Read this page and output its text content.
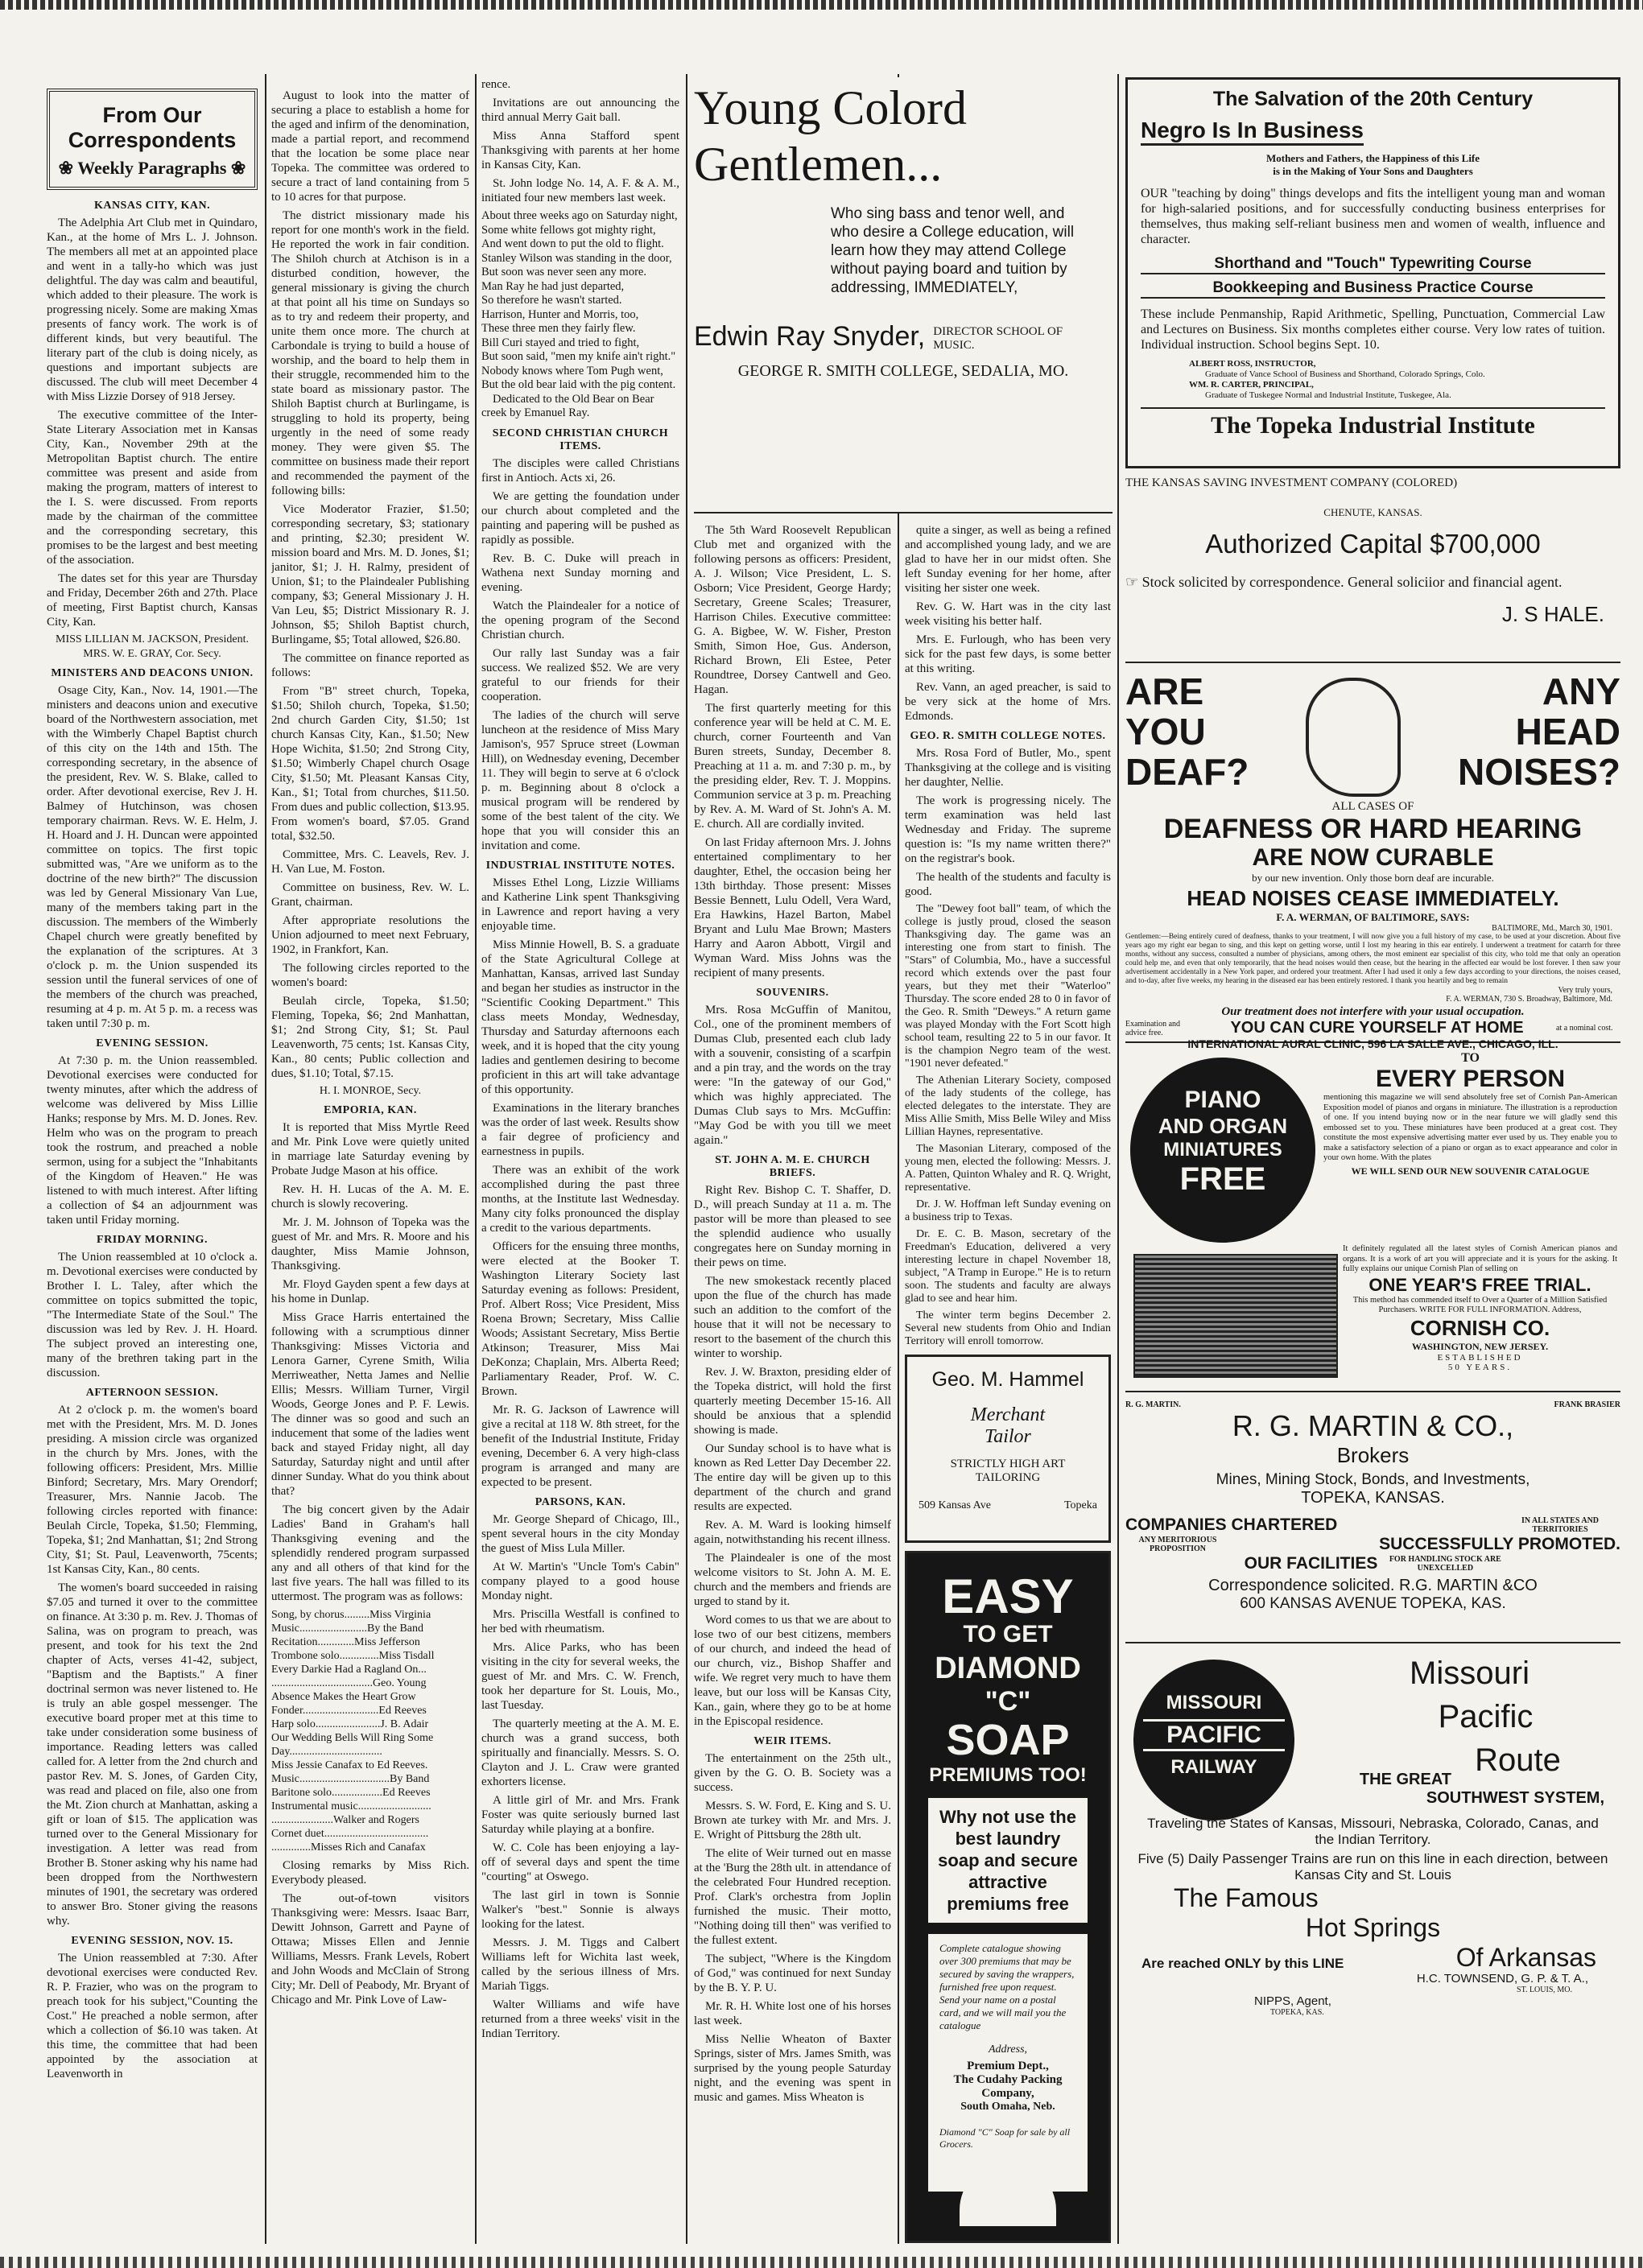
From Our Correspondents
❀ Weekly Paragraphs ❀
KANSAS CITY, KAN.

The Adelphia Art Club met in Quindaro, Kan., at the home of Mrs L. J. Johnson. The members all met at an appointed place and went in a tally-ho which was just delightful. The day was calm and beautiful, which added to their pleasure. The work is progressing nicely. Some are making Xmas presents of fancy work. The work is of different kinds, but very beautiful. The literary part of the club is doing nicely, as questions and important subjects are discussed. The club will meet December 4 with Miss Lizzie Dorsey of 918 Jersey.

The executive committee of the Inter-State Literary Association met in Kansas City, Kan., November 29th at the Metropolitan Baptist church. The entire committee was present and aside from making the program, matters of interest to the I. S. were discussed. From reports made by the chairman of the committee and the corresponding secretary, this promises to be the largest and best meeting of the association.

The dates set for this year are Thursday and Friday, December 26th and 27th. Place of meeting, First Baptist church, Kansas City, Kan.

MISS LILLIAN M. JACKSON, President.
MRS. W. E. GRAY, Cor. Secy.
MINISTERS AND DEACONS UNION.

Osage City, Kan., Nov. 14, 1901.—The ministers and deacons union and executive board of the Northwestern association, met with the Wimberly Chapel Baptist church of this city on the 14th and 15th. The corresponding secretary, in the absence of the president, Rev. W. S. Blake, called to order. After devotional exercise, Rev J. H. Balmey of Hutchinson, was chosen temporary chairman. Revs. W. E. Helm, J. H. Hoard and J. H. Duncan were appointed committee on topics. The first topic submitted was, "Are we uniform as to the doctrine of the new birth?" The discussion was led by General Missionary Van Lue, many of the members taking part in the discussion. The members of the Wimberly Chapel church were greatly benefited by the explanation of the scriptures. At 3 o'clock p. m. the Union suspended its session until the funeral services of one of the members of the church was preached, resuming at 4 p. m. At 5 p. m. a recess was taken until 7:30 p. m.

EVENING SESSION.

At 7:30 p. m. the Union reassembled. Devotional exercises were conducted for twenty minutes, after which the address of welcome was delivered by Miss Lillie Hanks; response by Mrs. M. D. Jones. Rev. Helm who was on the program to preach took the rostrum, and preached a noble sermon, using for a subject the "Inhabitants of the Kingdom of Heaven." He was listened to with much interest. After lifting a collection of $4 an adjournment was taken until Friday morning.

FRIDAY MORNING.

The Union reassembled at 10 o'clock a. m. Devotional exercises were conducted by Brother I. L. Taley, after which the committee on topics submitted the topic, "The Intermediate State of the Soul." The discussion was led by Rev. J. H. Hoard. The subject proved an interesting one, many of the brethren taking part in the discussion.

AFTERNOON SESSION.

At 2 o'clock p. m. the women's board met with the President, Mrs. M. D. Jones presiding. A mission circle was organized in the church by Mrs. Jones, with the following officers: President, Mrs. Millie Binford; Secretary, Mrs. Mary Orendorf; Treasurer, Mrs. Nannie Jacob. The following circles reported with finance: Beulah Circle, Topeka, $1.50; Flemming, Topeka, $1; 2nd Manhattan, $1; 2nd Strong City, $1; St. Paul, Leavenworth, 75cents; 1st Kansas City, Kan., 80 cents.

The women's board succeeded in raising $7.05 and turned it over to the committee on finance. At 3:30 p. m. Rev. J. Thomas of Salina, was on program to preach, was present, and took for his text the 2nd chapter of Acts, verses 41-42, subject, "Baptism and the Baptists." A finer doctrinal sermon was never listened to. He is truly an able gospel messenger. The executive board proper met at this time to take under consideration some business of importance. Reading letters was called called for. A letter from the 2nd church and pastor Rev. M. S. Jones, of Garden City, was read and placed on file, also one from the Mt. Zion church at Manhattan, asking a gift or loan of $15. The application was turned over to the General Missionary for investigation. A letter was read from Brother B. Stoner asking why his name had been dropped from the Northwestern minutes of 1901, the secretary was ordered to answer Bro. Stoner giving the reasons why.

EVENING SESSION, NOV. 15.

The Union reassembled at 7:30. After devotional exercises were conducted Rev. R. P. Frazier, who was on the program to preach took for his subject,"Counting the Cost." He preached a noble sermon, after which a collection of $6.10 was taken. At this time, the committee that had been appointed by the association at Leavenworth in

August to look into the matter of securing a place to establish a home for the aged and infirm of the denomination, made a partial report, and recommend that the location be some place near Topeka. The committee was ordered to secure a tract of land containing from 5 to 10 acres for that purpose.

The district missionary made his report for one month's work in the field. He reported the work in fair condition. The Shiloh church at Atchison is in a disturbed condition, however, the general missionary is giving the church at that point all his time on Sundays so as to try and redeem their property, and unite them once more. The church at Carbondale is trying to build a house of worship, and the board to help them in their struggle, recommended him to the state board as missionary pastor. The Shiloh Baptist church at Burlingame, is struggling to hold its property, being urgently in the need of some ready money. They were given $5. The committee on business made their report and recommended the payment of the following bills:

Vice Moderator Frazier, $1.50; corresponding secretary, $3; stationary and printing, $2.30; president W. mission board and Mrs. M. D. Jones, $1; janitor, $1; J. H. Ralmy, president of Union, $1; to the Plaindealer Publishing company, $3; General Missionary J. H. Van Leu, $5; District Missionary R. J. Johnson, $5; Shiloh Baptist church, Burlingame, $5; Total allowed, $26.80.

The committee on finance reported as follows:

From "B" street church, Topeka, $1.50; Shiloh church, Topeka, $1.50; 2nd church Garden City, $1.50; 1st church Kansas City, Kan., $1.50; New Hope Wichita, $1.50; 2nd Strong City, $1.50; Wimberly Chapel church Osage City, $1.50; Mt. Pleasant Kansas City, Kan., $1; Total from churches, $11.50. From dues and public collection, $13.95. From women's board, $7.05. Grand total, $32.50.

Committee, Mrs. C. Leavels, Rev. J. H. Van Lue, M. Foston.

Committee on business, Rev. W. L. Grant, chairman.

After appropriate resolutions the Union adjourned to meet next February, 1902, in Frankfort, Kan.

The following circles reported to the women's board:

Beulah circle, Topeka, $1.50; Fleming, Topeka, $6; 2nd Manhattan, $1; 2nd Strong City, $1; St. Paul Leavenworth, 75 cents; 1st. Kansas City, Kan., 80 cents; Public collection and dues, $1.10; Total, $7.15.

H. I. MONROE, Secy.
EMPORIA, KAN.

It is reported that Miss Myrtle Reed and Mr. Pink Love were quietly united in marriage late Saturday evening by Probate Judge Mason at his office.

Rev. H. H. Lucas of the A. M. E. church is slowly recovering.

Mr. J. M. Johnson of Topeka was the guest of Mr. and Mrs. R. Moore and his daughter, Miss Mamie Johnson, Thanksgiving.

Mr. Floyd Gayden spent a few days at his home in Dunlap.

Miss Grace Harris entertained the following with a scrumptious dinner Thanksgiving: Misses Victoria and Lenora Garner, Cyrene Smith, Wilia Merriweather, Netta James and Nellie Ellis; Messrs. William Turner, Virgil Woods, George Jones and P. F. Lewis. The dinner was so good and such an inducement that some of the ladies went back and stayed Friday night, all day Saturday, Saturday night and until after dinner Sunday. What do you think about that?

The big concert given by the Adair Ladies' Band in Graham's hall Thanksgiving evening and the splendidly rendered program surpassed any and all others of that kind for the last five years. The hall was filled to its uttermost. The program was as follows:

Song, by chorus.........Miss Virginia
Music........................By the Band
Recitation.............Miss Jefferson
Trombone solo..............Miss Tisdall
Every Darkie Had a Ragland On...
....................................Geo. Young
Absence Makes the Heart Grow
Fonder...........................Ed Reeves
Harp solo.......................J. B. Adair
Our Wedding Bells Will Ring Some
Day.................................
Miss Jessie Canafax to Ed Reeves.
Music................................By Band
Baritone solo..................Ed Reeves
Instrumental music..........................
......................Walker and Rogers
Cornet duet.....................................
..............Misses Rich and Canafax

Closing remarks by Miss Rich. Everybody pleased.

The out-of-town visitors Thanksgiving were: Messrs. Isaac Barr, Dewitt Johnson, Garrett and Payne of Ottawa; Misses Ellen and Jennie Williams, Messrs. Frank Levels, Robert and John Woods and McClain of Strong City; Mr. Dell of Peabody, Mr. Bryant of Chicago and Mr. Pink Love of Law-

rence.

Invitations are out announcing the third annual Merry Gait ball.

Miss Anna Stafford spent Thanksgiving with parents at her home in Kansas City, Kan.

St. John lodge No. 14, A. F. & A. M., initiated four new members last week.

About three weeks ago on Saturday night,
Some white fellows got mighty right,
And went down to put the old to flight.
Stanley Wilson was standing in the door,
But soon was never seen any more.
Man Ray he had just departed,
So therefore he wasn't started.
Harrison, Hunter and Morris, too,
These three men they fairly flew.
Bill Curi stayed and tried to fight,
But soon said, "men my knife ain't right."
Nobody knows where Tom Pugh went,
But the old bear laid with the pig content.
Dedicated to the Old Bear on Bear creek by Emanuel Ray.
SECOND CHRISTIAN CHURCH ITEMS.

The disciples were called Christians first in Antioch. Acts xi, 26.

We are getting the foundation under our church about completed and the painting and papering will be pushed as rapidly as possible.

Rev. B. C. Duke will preach in Wathena next Sunday morning and evening.

Watch the Plaindealer for a notice of the opening program of the Second Christian church.

Our rally last Sunday was a fair success. We realized $52. We are very grateful to our friends for their cooperation.

The ladies of the church will serve luncheon at the residence of Miss Mary Jamison's, 957 Spruce street (Lowman Hill), on Wednesday evening, December 11. They will begin to serve at 6 o'clock p. m. Beginning about 8 o'clock a musical program will be rendered by some of the best talent of the city. We hope that you will consider this an invitation and come.

INDUSTRIAL INSTITUTE NOTES.

Misses Ethel Long, Lizzie Williams and Katherine Link spent Thanksgiving in Lawrence and report having a very enjoyable time.

Miss Minnie Howell, B. S. a graduate of the State Agricultural College at Manhattan, Kansas, arrived last Sunday and began her studies as instructor in the "Scientific Cooking Department." This class meets Monday, Wednesday, Thursday and Saturday afternoons each week, and it is hoped that the city young ladies and gentlemen desiring to become proficient in this art will take advantage of this opportunity.

Examinations in the literary branches was the order of last week. Results show a fair degree of proficiency and earnestness in pupils.

There was an exhibit of the work accomplished during the past three months, at the Institute last Wednesday. Many city folks pronounced the display a credit to the various departments.

Officers for the ensuing three months, were elected at the Booker T. Washington Literary Society last Saturday evening as follows: President, Prof. Albert Ross; Vice President, Miss Roena Brown; Secretary, Miss Callie Woods; Assistant Secretary, Miss Bertie Atkinson; Treasurer, Miss Mai DeKonza; Chaplain, Mrs. Alberta Reed; Parliamentary Reader, Prof. W. C. Brown.

Mr. R. G. Jackson of Lawrence will give a recital at 118 W. 8th street, for the benefit of the Industrial Institute, Friday evening, December 6. A very high-class program is arranged and many are expected to be present.

PARSONS, KAN.

Mr. George Shepard of Chicago, Ill., spent several hours in the city Monday the guest of Miss Lula Miller.

At W. Martin's "Uncle Tom's Cabin" company played to a good house Monday night.

Mrs. Priscilla Westfall is confined to her bed with rheumatism.

Mrs. Alice Parks, who has been visiting in the city for several weeks, the guest of Mr. and Mrs. C. W. French, took her departure for St. Louis, Mo., last Tuesday.

The quarterly meeting at the A. M. E. church was a grand success, both spiritually and financially. Messrs. S. O. Clayton and J. L. Craw were granted exhorters license.

A little girl of Mr. and Mrs. Frank Foster was quite seriously burned last Saturday while playing at a bonfire.

W. C. Cole has been enjoying a lay-off of several days and spent the time "courting" at Oswego.

The last girl in town is Sonnie Walker's "best." Sonnie is always looking for the latest.

Messrs. J. M. Tiggs and Calbert Williams left for Wichita last week, called by the serious illness of Mrs. Mariah Tiggs.

Walter Williams and wife have returned from a three weeks' visit in the Indian Territory.

Young Colord
Gentlemen...
Who sing bass and tenor well, and who desire a College education, will learn how they may attend College without paying board and tuition by addressing, IMMEDIATELY,
Edwin Ray Snyder, DIRECTOR SCHOOL OF MUSIC.
GEORGE R. SMITH COLLEGE, SEDALIA, MO.

The 5th Ward Roosevelt Republican Club met and organized with the following persons as officers: President, A. J. Wilson; Vice President, L. S. Osborn; Vice President, George Hardy; Secretary, Greene Scales; Treasurer, Harrison Chiles. Executive committee: G. A. Bigbee, W. W. Fisher, Preston Smith, Simon Hoe, Gus. Anderson, Richard Brown, Eli Estee, Peter Roundtree, Dorsey Cantwell and Geo. Hagan.

The first quarterly meeting for this conference year will be held at C. M. E. church, corner Fourteenth and Van Buren streets, Sunday, December 8. Preaching at 11 a. m. and 7:30 p. m., by the presiding elder, Rev. T. J. Moppins. Communion service at 3 p. m. Preaching by Rev. A. M. Ward of St. John's A. M. E. church. All are cordially invited.

On last Friday afternoon Mrs. J. Johns entertained complimentary to her daughter, Ethel, the occasion being her 13th birthday. Those present: Misses Bessie Bennett, Lulu Odell, Vera Ward, Era Hawkins, Hazel Barton, Mabel Bryant and Lulu Mae Brown; Masters Harry and Aaron Abbott, Virgil and Wyman Ward. Miss Johns was the recipient of many presents.

SOUVENIRS.

Mrs. Rosa McGuffin of Manitou, Col., one of the prominent members of Dumas Club, presented each club lady with a souvenir, consisting of a scarfpin and a pin tray, and the words on the tray were: "In the gateway of our God," which was highly appreciated. The Dumas Club says to Mrs. McGuffin: "May God be with you till we meet again."

ST. JOHN A. M. E. CHURCH BRIEFS.

Right Rev. Bishop C. T. Shaffer, D. D., will preach Sunday at 11 a. m. The pastor will be more than pleased to see the splendid audience who usually congregates here on Sunday morning in their pews on time.

The new smokestack recently placed upon the flue of the church has made such an addition to the comfort of the house that it will not be necessary to resort to the basement of the church this winter to worship.

Rev. J. W. Braxton, presiding elder of the Topeka district, will hold the first quarterly meeting December 15-16. All should be anxious that a splendid showing is made.

Our Sunday school is to have what is known as Red Letter Day December 22. The entire day will be given up to this department of the church and grand results are expected.

Rev. A. M. Ward is looking himself again, notwithstanding his recent illness.

The Plaindealer is one of the most welcome visitors to St. John A. M. E. church and the members and friends are urged to stand by it.

Word comes to us that we are about to lose two of our best citizens, members of our church, and indeed the head of our church, viz., Bishop Shaffer and wife. We regret very much to have them leave, but our loss will be Kansas City, Kan., gain, where they go to be at home in the Episcopal residence.

WEIR ITEMS.

The entertainment on the 25th ult., given by the G. O. B. Society was a success.

Messrs. S. W. Ford, E. King and S. U. Brown ate turkey with Mr. and Mrs. J. E. Wright of Pittsburg the 28th ult.

The elite of Weir turned out en masse at the 'Burg the 28th ult. in attendance of the celebrated Four Hundred reception. Prof. Clark's orchestra from Joplin furnished the music. Their motto, "Nothing doing till then" was verified to the fullest extent.

The subject, "Where is the Kingdom of God," was continued for next Sunday by the B. Y. P. U.

Mr. R. H. White lost one of his horses last week.

Miss Nellie Wheaton of Baxter Springs, sister of Mrs. James Smith, was surprised by the young people Saturday night, and the evening was spent in music and games. Miss Wheaton is

quite a singer, as well as being a refined and accomplished young lady, and we are glad to have her in our midst often. She left Sunday evening for her home, after visiting her sister one week.

Rev. G. W. Hart was in the city last week visiting his better half.

Mrs. E. Furlough, who has been very sick for the past few days, is some better at this writing.

Rev. Vann, an aged preacher, is said to be very sick at the home of Mrs. Edmonds.

GEO. R. SMITH COLLEGE NOTES.

Mrs. Rosa Ford of Butler, Mo., spent Thanksgiving at the college and is visiting her daughter, Nellie.

The work is progressing nicely. The term examination was held last Wednesday and Friday. The supreme question is: "Is my name written there?" on the registrar's book.

The health of the students and faculty is good.

The "Dewey foot ball" team, of which the college is justly proud, closed the season Thanksgiving day. The game was an interesting one from start to finish. The "Stars" of Columbia, Mo., have a successful record which extends over the past four years, but they met their "Waterloo" Thursday. The score ended 28 to 0 in favor of the Geo. R. Smith "Deweys." A return game was played Monday with the Fort Scott high school team, resulting 22 to 5 in our favor. It is the champion Negro team of the west. "1901 never defeated."

The Athenian Literary Society, composed of the lady students of the college, has elected delegates to the interstate. They are Miss Allie Smith, Miss Belle Wiley and Miss Lillian Haynes, representative.

The Masonian Literary, composed of the young men, elected the following: Messrs. J. A. Patten, Quinton Whaley and R. Q. Wright, representative.

Dr. J. W. Hoffman left Sunday evening on a business trip to Texas.

Dr. E. C. B. Mason, secretary of the Freedman's Education, delivered a very interesting lecture in chapel November 18, subject, "A Tramp in Europe." He is to return soon. The students and faculty are always glad to see and hear him.

The winter term begins December 2. Several new students from Ohio and Indian Territory will enroll tomorrow.

Geo. M. Hammel
Merchant
Tailor
STRICTLY HIGH ART
TAILORING
509 Kansas Ave	Topeka
EASY
TO GET
DIAMOND
"C"
SOAP
PREMIUMS TOO!
Why not use the best laundry soap and secure attractive premiums free
Complete catalogue showing over 300 premiums that may be secured by saving the wrappers, furnished free upon request. Send your name on a postal card, and we will mail you the catalogue
Address,
Premium Dept.,
The Cudahy Packing Company,
South Omaha, Neb.
Diamond "C" Soap for sale by all Grocers.
The Salvation of the 20th Century
Negro Is In Business
Mothers and Fathers, the Happiness of this Life
is in the Making of Your Sons and Daughters
OUR "teaching by doing" things develops and fits the intelligent young man and woman for high-salaried positions, and for successfully conducting business enterprises for themselves, thus making self-reliant business men and women of wealth, influence and character.
Shorthand and "Touch" Typewriting Course
Bookkeeping and Business Practice Course
These include Penmanship, Rapid Arithmetic, Spelling, Punctuation, Commercial Law and Lectures on Business. Six months completes either course. Very low rates of tuition. Individual instruction. School begins Sept. 10.
ALBERT ROSS, INSTRUCTOR,
Graduate of Vance School of Business and Shorthand, Colorado Springs, Colo.
WM. R. CARTER, PRINCIPAL,
Graduate of Tuskegee Normal and Industrial Institute, Tuskegee, Ala.
The Topeka Industrial Institute
THE KANSAS SAVING INVESTMENT COMPANY (COLORED)
CHENUTE, KANSAS.
Authorized Capital $700,000
☞ Stock solicited by correspondence. General soliciior and financial agent.
J. S HALE.
ARE
YOU
DEAF?
ANY
HEAD
NOISES?
ALL CASES OF
DEAFNESS OR HARD HEARING
ARE NOW CURABLE
by our new invention. Only those born deaf are incurable.
HEAD NOISES CEASE IMMEDIATELY.
F. A. WERMAN, OF BALTIMORE, SAYS:
BALTIMORE, Md., March 30, 1901.
Gentlemen:—Being entirely cured of deafness, thanks to your treatment, I will now give you a full history of my case, to be used at your discretion. About five years ago my right ear began to sing, and this kept on getting worse, until I lost my hearing in this ear entirely. I underwent a treatment for catarrh for three months, without any success, consulted a number of physicians, among others, the most eminent ear specialist of this city, who told me that only an operation could help me, and even that only temporarily, that the head noises would then cease, but the hearing in the affected ear would be lost forever. I then saw your advertisement accidentally in a New York paper, and ordered your treatment. After I had used it only a few days according to your directions, the noises ceased, and to-day, after five weeks, my hearing in the diseased ear has been entirely restored. I thank you heartily and beg to remain
Very truly yours,
F. A. WERMAN, 730 S. Broadway, Baltimore, Md.
Our treatment does not interfere with your usual occupation.
Examination and advice free.	YOU CAN CURE YOURSELF AT HOME	at a nominal cost.
INTERNATIONAL AURAL CLINIC, 596 LA SALLE AVE., CHICAGO, ILL.
PIANO
AND ORGAN
MINIATURES
FREE
TO
EVERY PERSON
mentioning this magazine we will send absolutely free set of Cornish Pan-American Exposition model of pianos and organs in miniature. The illustration is a reproduction of one. If you intend buying now or in the near future we will gladly send this embossed set to you. These miniatures have been produced at a great cost. They constitute the most expensive advertising matter ever used by us. They enable you to make a satisfactory selection of a piano or organ as to exact appearance and color in your own home. With the plates
WE WILL SEND OUR NEW SOUVENIR CATALOGUE
It definitely regulated all the latest styles of Cornish American pianos and organs. It is a work of art you will appreciate and it is yours for the asking. It fully explains our unique Cornish Plan of selling on
ONE YEAR'S FREE TRIAL.
This method has commended itself to Over a Quarter of a Million Satisfied Purchasers. WRITE FOR FULL INFORMATION. Address,
CORNISH CO.
WASHINGTON, NEW JERSEY.
ESTABLISHED
50 YEARS.
R. G. MARTIN.	FRANK BRASIER
R. G. MARTIN & CO.,
Brokers
Mines, Mining Stock, Bonds, and Investments,
TOPEKA, KANSAS.
COMPANIES CHARTERED	IN ALL STATES AND TERRITORIES
ANY MERITORIOUS PROPOSITION	SUCCESSFULLY PROMOTED.
OUR FACILITIES FOR HANDLING STOCK ARE UNEXCELLED
Correspondence solicited. R.G. MARTIN &CO
600 KANSAS AVENUE TOPEKA, KAS.
MISSOURI
PACIFIC
RAILWAY
Missouri
Pacific
Route
THE GREAT
SOUTHWEST SYSTEM,
Traveling the States of Kansas, Missouri, Nebraska, Colorado, Canas, and the Indian Territory.
Five (5) Daily Passenger Trains are run on this line in each direction, between Kansas City and St. Louis
The Famous
Hot Springs
Of Arkansas
Are reached ONLY by this LINE
H.C. TOWNSEND, G. P. & T. A.,
ST. LOUIS, MO.
NIPPS, Agent,
TOPEKA, KAS.
